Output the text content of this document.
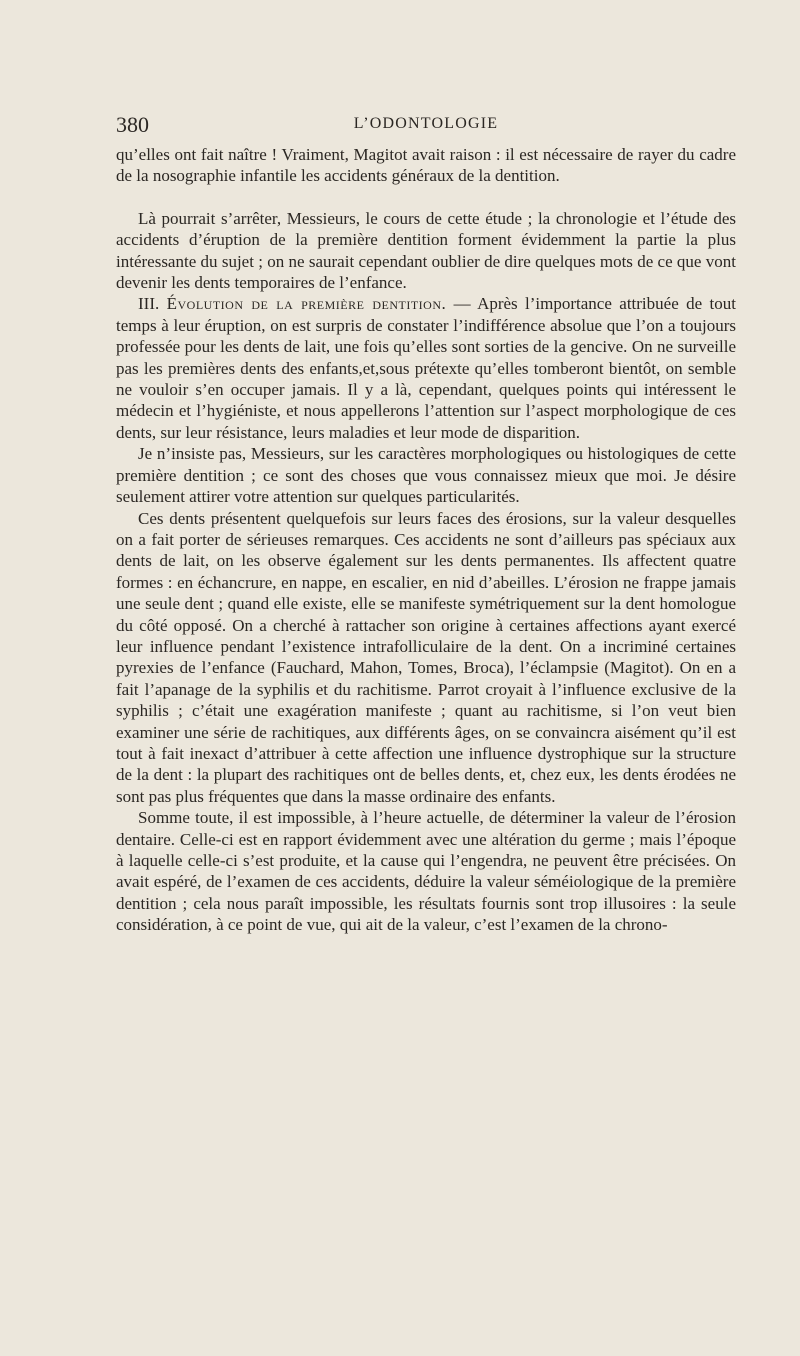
380	L’ODONTOLOGIE

qu’elles ont fait naître ! Vraiment, Magitot avait raison : il est nécessaire de rayer du cadre de la nosographie infantile les accidents généraux de la dentition.

Là pourrait s’arrêter, Messieurs, le cours de cette étude ; la chronologie et l’étude des accidents d’éruption de la première dentition forment évidemment la partie la plus intéressante du sujet ; on ne saurait cependant oublier de dire quelques mots de ce que vont devenir les dents temporaires de l’enfance.

III. Évolution de la première dentition. — Après l’importance attribuée de tout temps à leur éruption, on est surpris de constater l’indifférence absolue que l’on a toujours professée pour les dents de lait, une fois qu’elles sont sorties de la gencive. On ne surveille pas les premières dents des enfants,et,sous prétexte qu’elles tomberont bientôt, on semble ne vouloir s’en occuper jamais. Il y a là, cependant, quelques points qui intéressent le médecin et l’hygiéniste, et nous appellerons l’attention sur l’aspect morphologique de ces dents, sur leur résistance, leurs maladies et leur mode de disparition.

Je n’insiste pas, Messieurs, sur les caractères morphologiques ou histologiques de cette première dentition ; ce sont des choses que vous connaissez mieux que moi. Je désire seulement attirer votre attention sur quelques particularités.

Ces dents présentent quelquefois sur leurs faces des érosions, sur la valeur desquelles on a fait porter de sérieuses remarques. Ces accidents ne sont d’ailleurs pas spéciaux aux dents de lait, on les observe également sur les dents permanentes. Ils affectent quatre formes : en échancrure, en nappe, en escalier, en nid d’abeilles. L’érosion ne frappe jamais une seule dent ; quand elle existe, elle se manifeste symétriquement sur la dent homologue du côté opposé. On a cherché à rattacher son origine à certaines affections ayant exercé leur influence pendant l’existence intrafolliculaire de la dent. On a incriminé certaines pyrexies de l’enfance (Fauchard, Mahon, Tomes, Broca), l’éclampsie (Magitot). On en a fait l’apanage de la syphilis et du rachitisme. Parrot croyait à l’influence exclusive de la syphilis ; c’était une exagération manifeste ; quant au rachitisme, si l’on veut bien examiner une série de rachitiques, aux différents âges, on se convaincra aisément qu’il est tout à fait inexact d’attribuer à cette affection une influence dystrophique sur la structure de la dent : la plupart des rachitiques ont de belles dents, et, chez eux, les dents érodées ne sont pas plus fréquentes que dans la masse ordinaire des enfants.

Somme toute, il est impossible, à l’heure actuelle, de déterminer la valeur de l’érosion dentaire. Celle-ci est en rapport évidemment avec une altération du germe ; mais l’époque à laquelle celle-ci s’est produite, et la cause qui l’engendra, ne peuvent être précisées. On avait espéré, de l’examen de ces accidents, déduire la valeur séméiologique de la première dentition ; cela nous paraît impossible, les résultats fournis sont trop illusoires : la seule considération, à ce point de vue, qui ait de la valeur, c’est l’examen de la chrono-
